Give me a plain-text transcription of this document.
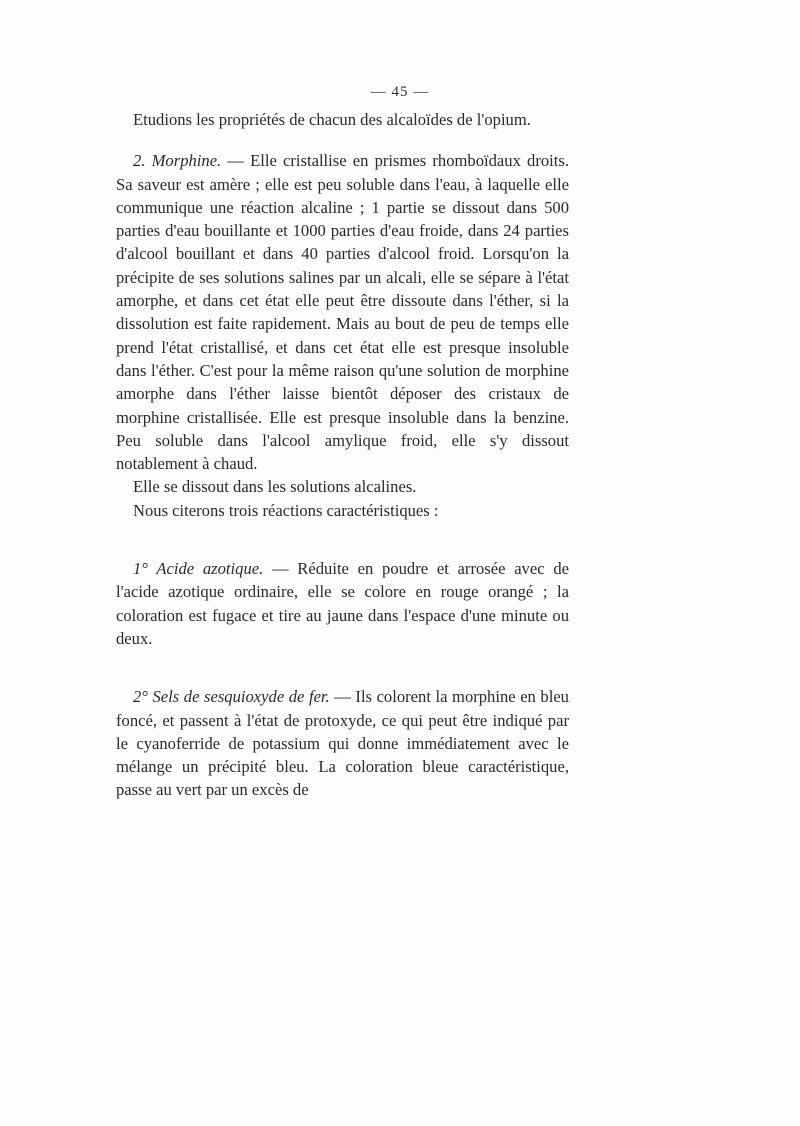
— 45 —

Etudions les propriétés de chacun des alcaloïdes de l'opium.

2. Morphine. — Elle cristallise en prismes rhomboïdaux droits. Sa saveur est amère ; elle est peu soluble dans l'eau, à laquelle elle communique une réaction alcaline ; 1 partie se dissout dans 500 parties d'eau bouillante et 1000 parties d'eau froide, dans 24 parties d'alcool bouillant et dans 40 parties d'alcool froid. Lorsqu'on la précipite de ses solutions salines par un alcali, elle se sépare à l'état amorphe, et dans cet état elle peut être dissoute dans l'éther, si la dissolution est faite rapidement. Mais au bout de peu de temps elle prend l'état cristallisé, et dans cet état elle est presque insoluble dans l'éther. C'est pour la même raison qu'une solution de morphine amorphe dans l'éther laisse bientôt déposer des cristaux de morphine cristallisée. Elle est presque insoluble dans la benzine. Peu soluble dans l'alcool amylique froid, elle s'y dissout notablement à chaud.

Elle se dissout dans les solutions alcalines.

Nous citerons trois réactions caractéristiques :

1° Acide azotique. — Réduite en poudre et arrosée avec de l'acide azotique ordinaire, elle se colore en rouge orangé ; la coloration est fugace et tire au jaune dans l'espace d'une minute ou deux.

2° Sels de sesquioxyde de fer. — Ils colorent la morphine en bleu foncé, et passent à l'état de protoxyde, ce qui peut être indiqué par le cyanoferride de potassium qui donne immédiatement avec le mélange un précipité bleu. La coloration bleue caractéristique, passe au vert par un excès de
